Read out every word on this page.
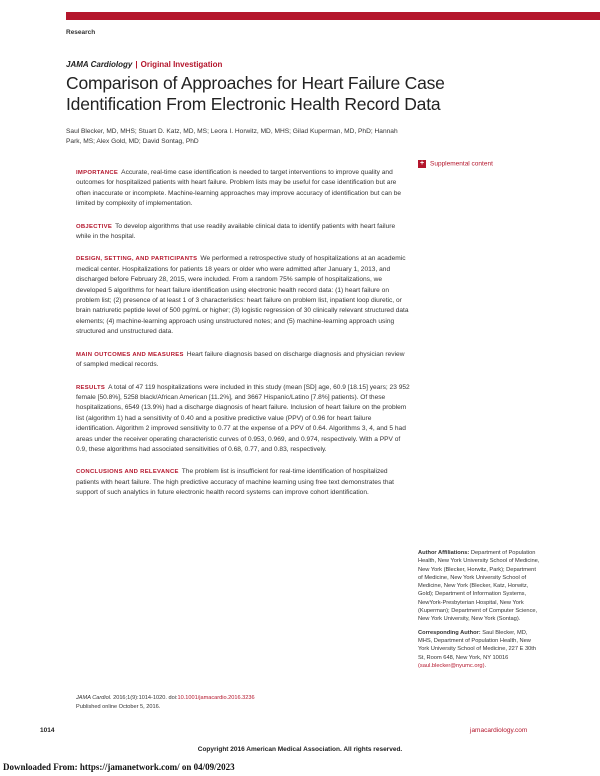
Research
JAMA Cardiology | Original Investigation
Comparison of Approaches for Heart Failure Case Identification From Electronic Health Record Data
Saul Blecker, MD, MHS; Stuart D. Katz, MD, MS; Leora I. Horwitz, MD, MHS; Gilad Kuperman, MD, PhD; Hannah Park, MS; Alex Gold, MD; David Sontag, PhD
+ Supplemental content

IMPORTANCE Accurate, real-time case identification is needed to target interventions to improve quality and outcomes for hospitalized patients with heart failure. Problem lists may be useful for case identification but are often inaccurate or incomplete. Machine-learning approaches may improve accuracy of identification but can be limited by complexity of implementation.

OBJECTIVE To develop algorithms that use readily available clinical data to identify patients with heart failure while in the hospital.

DESIGN, SETTING, AND PARTICIPANTS We performed a retrospective study of hospitalizations at an academic medical center. Hospitalizations for patients 18 years or older who were admitted after January 1, 2013, and discharged before February 28, 2015, were included. From a random 75% sample of hospitalizations, we developed 5 algorithms for heart failure identification using electronic health record data: (1) heart failure on problem list; (2) presence of at least 1 of 3 characteristics: heart failure on problem list, inpatient loop diuretic, or brain natriuretic peptide level of 500 pg/mL or higher; (3) logistic regression of 30 clinically relevant structured data elements; (4) machine-learning approach using unstructured notes; and (5) machine-learning approach using structured and unstructured data.

MAIN OUTCOMES AND MEASURES Heart failure diagnosis based on discharge diagnosis and physician review of sampled medical records.

RESULTS A total of 47 119 hospitalizations were included in this study (mean [SD] age, 60.9 [18.15] years; 23 952 female [50.8%], 5258 black/African American [11.2%], and 3667 Hispanic/Latino [7.8%] patients). Of these hospitalizations, 6549 (13.9%) had a discharge diagnosis of heart failure. Inclusion of heart failure on the problem list (algorithm 1) had a sensitivity of 0.40 and a positive predictive value (PPV) of 0.96 for heart failure identification. Algorithm 2 improved sensitivity to 0.77 at the expense of a PPV of 0.64. Algorithms 3, 4, and 5 had areas under the receiver operating characteristic curves of 0.953, 0.969, and 0.974, respectively. With a PPV of 0.9, these algorithms had associated sensitivities of 0.68, 0.77, and 0.83, respectively.

CONCLUSIONS AND RELEVANCE The problem list is insufficient for real-time identification of hospitalized patients with heart failure. The high predictive accuracy of machine learning using free text demonstrates that support of such analytics in future electronic health record systems can improve cohort identification.

Author Affiliations: Department of Population Health, New York University School of Medicine, New York (Blecker, Horwitz, Park); Department of Medicine, New York University School of Medicine, New York (Blecker, Katz, Horwitz, Gold); Department of Information Systems, NewYork-Presbyterian Hospital, New York (Kuperman); Department of Computer Science, New York University, New York (Sontag).

Corresponding Author: Saul Blecker, MD, MHS, Department of Population Health, New York University School of Medicine, 227 E 30th St, Room 648, New York, NY 10016 (saul.blecker@nyumc.org).

JAMA Cardiol. 2016;1(9):1014-1020. doi:10.1001/jamacardio.2016.3236
Published online October 5, 2016.
1014	jamacardiology.com
Copyright 2016 American Medical Association. All rights reserved.
Downloaded From: https://jamanetwork.com/ on 04/09/2023
